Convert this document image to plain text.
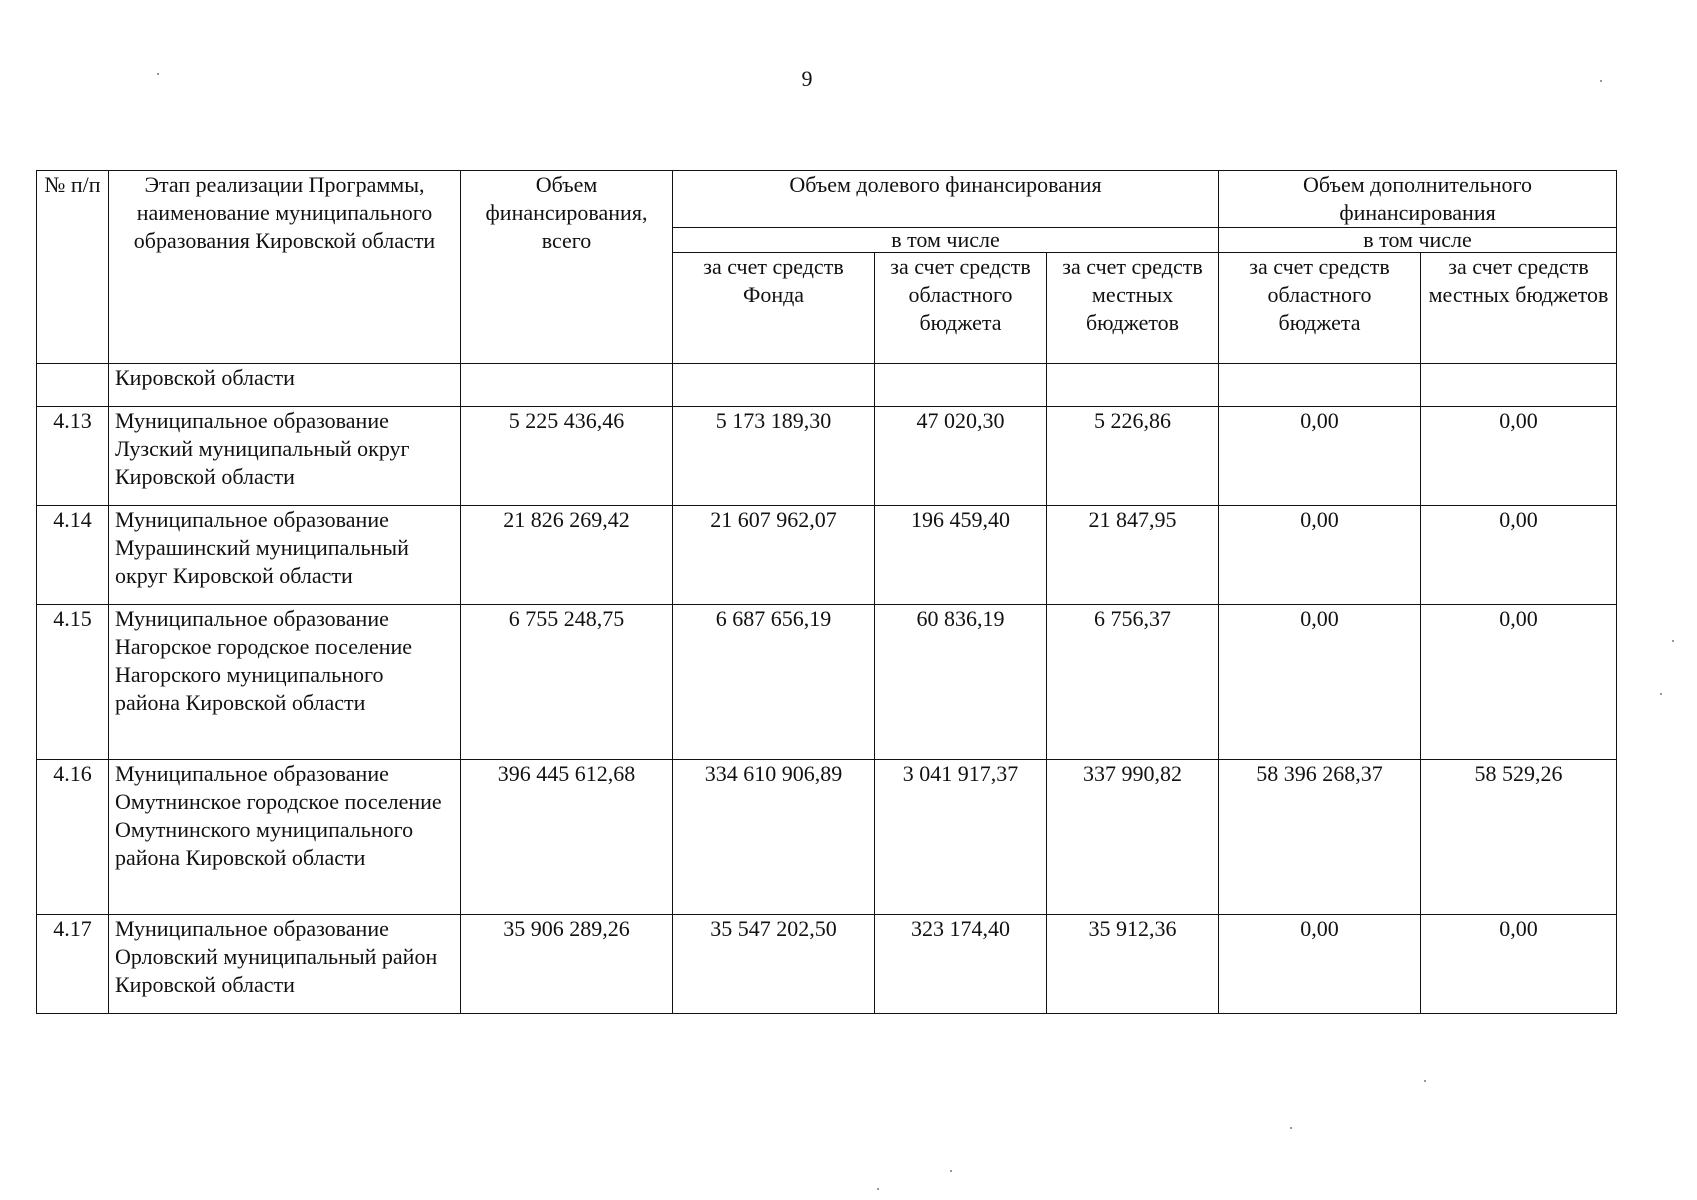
9
№ п/п	Этап реализации Программы, наименование муниципального образования Кировской области	Объем финансирования, всего	Объем долевого финансирования			Объем дополнительного финансирования	
			в том числе			в том числе	
			за счет средств Фонда	за счет средств областного бюджета	за счет средств местных бюджетов	за счет средств областного бюджета	за счет средств местных бюджетов
	Кировской области						
4.13	Муниципальное образование Лузский муниципальный округ Кировской области	5 225 436,46	5 173 189,30	47 020,30	5 226,86	0,00	0,00
4.14	Муниципальное образование Мурашинский муниципальный округ Кировской области	21 826 269,42	21 607 962,07	196 459,40	21 847,95	0,00	0,00
4.15	Муниципальное образование Нагорское городское поселение Нагорского муниципального района Кировской области	6 755 248,75	6 687 656,19	60 836,19	6 756,37	0,00	0,00
4.16	Муниципальное образование Омутнинское городское поселение Омутнинского муниципального района Кировской области	396 445 612,68	334 610 906,89	3 041 917,37	337 990,82	58 396 268,37	58 529,26
4.17	Муниципальное образование Орловский муниципальный район Кировской области	35 906 289,26	35 547 202,50	323 174,40	35 912,36	0,00	0,00
